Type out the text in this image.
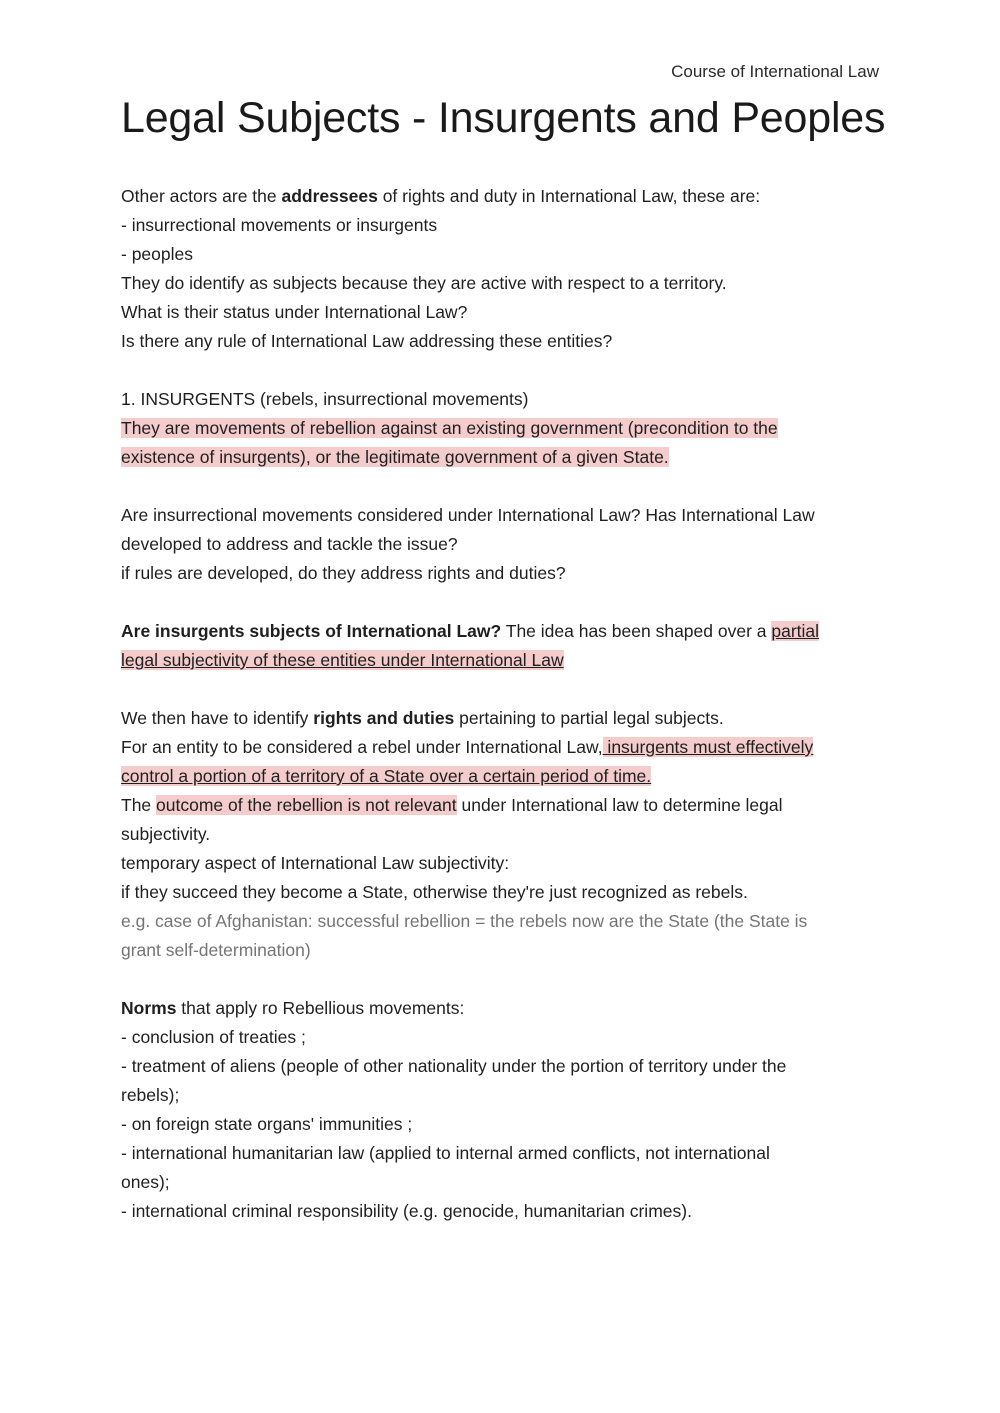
Course of International Law
Legal Subjects - Insurgents and Peoples
Other actors are the addressees of rights and duty in International Law, these are:
- insurrectional movements or insurgents
- peoples
They do identify as subjects because they are active with respect to a territory.
What is their status under International Law?
Is there any rule of International Law addressing these entities?
1. INSURGENTS (rebels, insurrectional movements)
They are movements of rebellion against an existing government (precondition to the
existence of insurgents), or the legitimate government of a given State.
Are insurrectional movements considered under International Law? Has International Law
developed to address and tackle the issue?
if rules are developed, do they address rights and duties?
Are insurgents subjects of International Law? The idea has been shaped over a partial
legal subjectivity of these entities under International Law
We then have to identify rights and duties pertaining to partial legal subjects.
For an entity to be considered a rebel under International Law, insurgents must effectively
control a portion of a territory of a State over a certain period of time.
The outcome of the rebellion is not relevant under International law to determine legal
subjectivity.
temporary aspect of International Law subjectivity:
if they succeed they become a State, otherwise they're just recognized as rebels.
e.g. case of Afghanistan: successful rebellion = the rebels now are the State (the State is
grant self-determination)
Norms that apply ro Rebellious movements:
- conclusion of treaties ;
- treatment of aliens (people of other nationality under the portion of territory under the
rebels);
- on foreign state organs' immunities ;
- international humanitarian law (applied to internal armed conflicts, not international
ones);
- international criminal responsibility (e.g. genocide, humanitarian crimes).
